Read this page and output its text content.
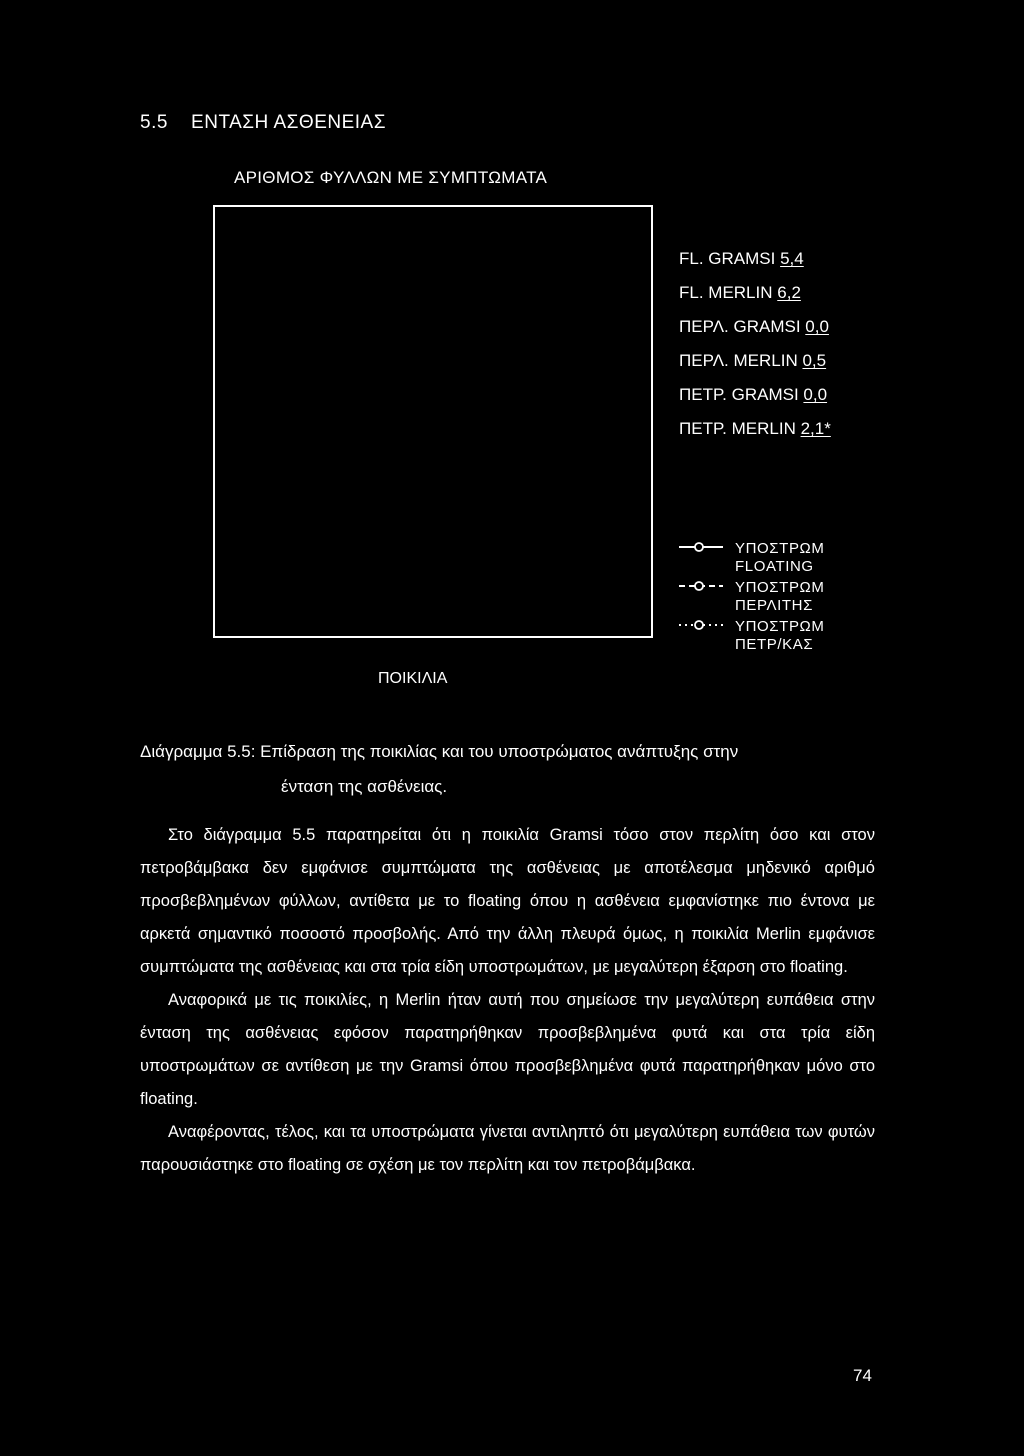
5.5 ΕΝΤΑΣΗ ΑΣΘΕΝΕΙΑΣ
ΑΡΙΘΜΟΣ ΦΥΛΛΩΝ ΜΕ ΣΥΜΠΤΩΜΑΤΑ
ΠΟΙΚΙΛΙΑ
FL. GRAMSI 5,4
FL. MERLIN 6,2
ΠΕΡΛ. GRAMSI 0,0
ΠΕΡΛ. MERLIN 0,5
ΠΕΤΡ. GRAMSI 0,0
ΠΕΤΡ. MERLIN 2,1*
ΥΠΟΣΤΡΩΜ
FLOATING
ΥΠΟΣΤΡΩΜ
ΠΕΡΛΙΤΗΣ
ΥΠΟΣΤΡΩΜ
ΠΕΤΡ/ΚΑΣ
Διάγραμμα 5.5: Επίδραση της ποικιλίας και του υποστρώματος ανάπτυξης στην
ένταση της ασθένειας.

Στο διάγραμμα 5.5 παρατηρείται ότι η ποικιλία Gramsi τόσο στον περλίτη όσο και στον πετροβάμβακα δεν εμφάνισε συμπτώματα της ασθένειας με αποτέλεσμα μηδενικό αριθμό προσβεβλημένων φύλλων, αντίθετα με το floating όπου η ασθένεια εμφανίστηκε πιο έντονα με αρκετά σημαντικό ποσοστό προσβολής. Από την άλλη πλευρά όμως, η ποικιλία Merlin εμφάνισε συμπτώματα της ασθένειας και στα τρία είδη υποστρωμάτων, με μεγαλύτερη έξαρση στο floating.

Αναφορικά με τις ποικιλίες, η Merlin ήταν αυτή που σημείωσε την μεγαλύτερη ευπάθεια στην ένταση της ασθένειας εφόσον παρατηρήθηκαν προσβεβλημένα φυτά και στα τρία είδη υποστρωμάτων σε αντίθεση με την Gramsi όπου προσβεβλημένα φυτά παρατηρήθηκαν μόνο στο floating.

Αναφέροντας, τέλος, και τα υποστρώματα γίνεται αντιληπτό ότι μεγαλύτερη ευπάθεια των φυτών παρουσιάστηκε στο floating σε σχέση με τον περλίτη και τον πετροβάμβακα.

74
